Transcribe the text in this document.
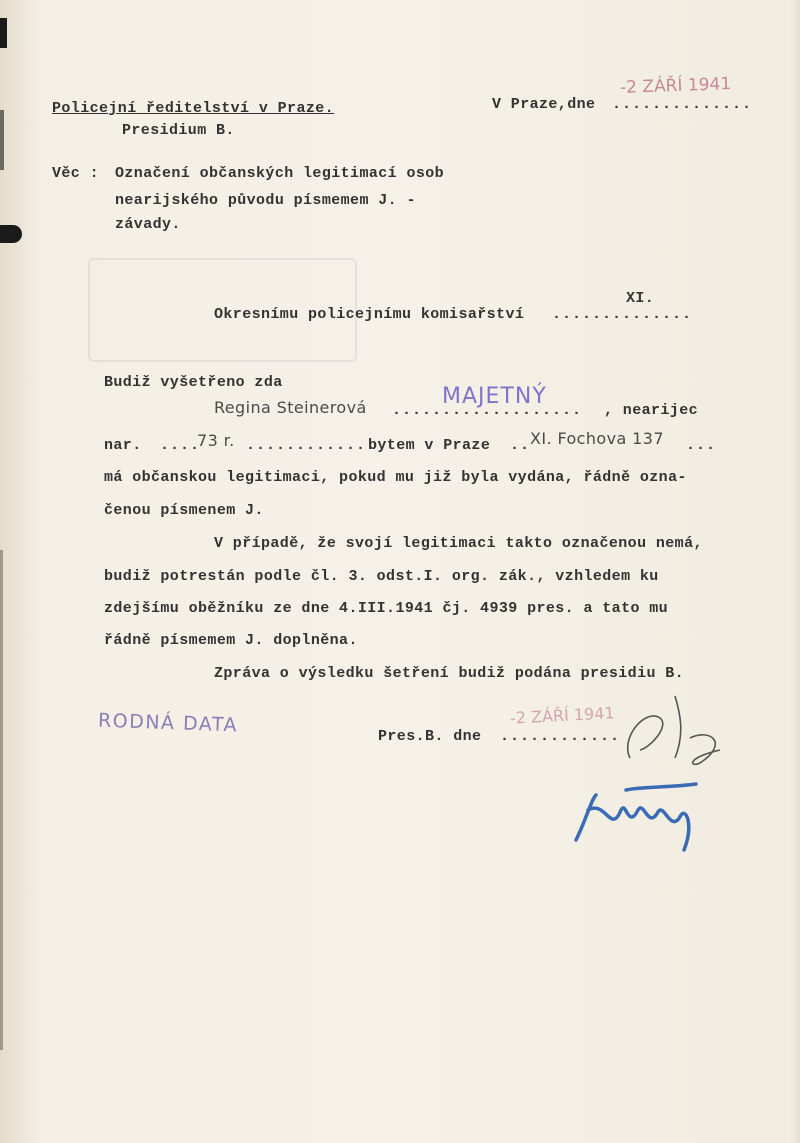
Policejní ředitelství v Praze.	V Praze,dne ..............
-2 ZÁŘÍ 1941
Presidium B.
Věc : Označení občanských legitimací osob
nearijského původu písmemem J. -
závady.
Okresnímu policejnímu komisařství ..............
XI.
Budiž vyšetřeno zda
Regina Steinerová ...................
MAJETNÝ
, nearijec
nar. ....
73 r. .............
bytem v Praze .. XI. Fochova 137 ...
má občanskou legitimaci, pokud mu již byla vydána, řádně ozna-
čenou písmenem J.
V případě, že svojí legitimaci takto označenou nemá,
budiž potrestán podle čl. 3. odst.I. org. zák., vzhledem ku
zdejšímu oběžníku ze dne 4.III.1941 čj. 4939 pres. a tato mu
řádně písmemem J. doplněna.
Zpráva o výsledku šetření budiž podána presidiu B.
RODNÁ DATA	-2 ZÁŘÍ 1941
Pres.B. dne ............
